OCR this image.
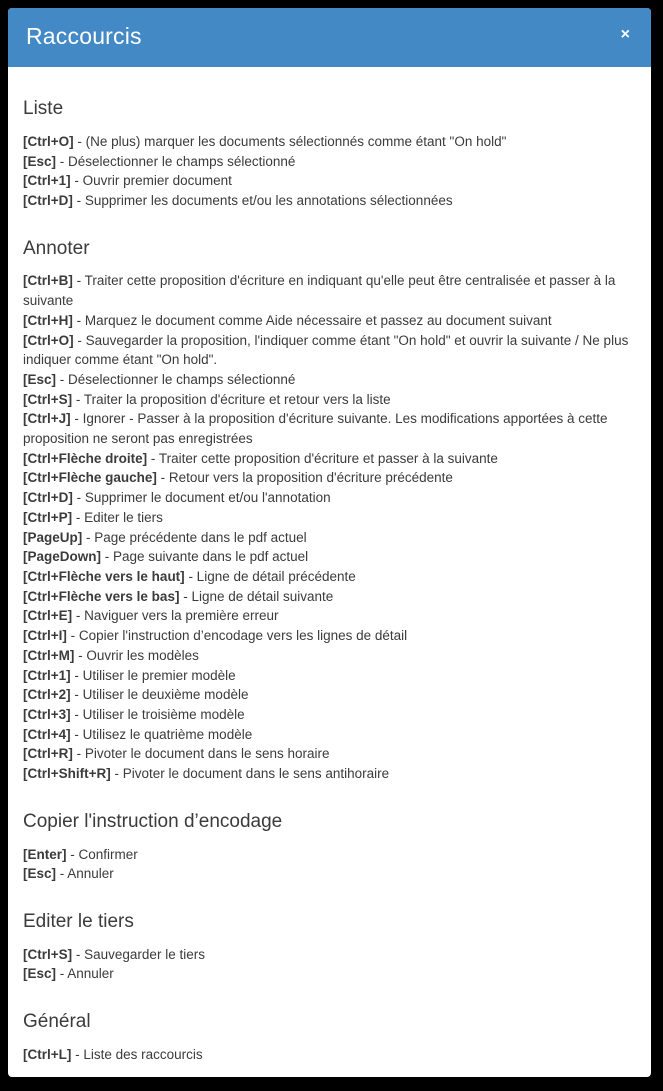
Raccourcis	×
Liste
[Ctrl+O] - (Ne plus) marquer les documents sélectionnés comme étant "On hold"
[Esc] - Déselectionner le champs sélectionné
[Ctrl+1] - Ouvrir premier document
[Ctrl+D] - Supprimer les documents et/ou les annotations sélectionnées
Annoter
[Ctrl+B] - Traiter cette proposition d'écriture en indiquant qu'elle peut être centralisée et passer à la suivante
[Ctrl+H] - Marquez le document comme Aide nécessaire et passez au document suivant
[Ctrl+O] - Sauvegarder la proposition, l'indiquer comme étant "On hold" et ouvrir la suivante / Ne plus indiquer comme étant "On hold".
[Esc] - Déselectionner le champs sélectionné
[Ctrl+S] - Traiter la proposition d'écriture et retour vers la liste
[Ctrl+J] - Ignorer - Passer à la proposition d'écriture suivante. Les modifications apportées à cette proposition ne seront pas enregistrées
[Ctrl+Flèche droite] - Traiter cette proposition d'écriture et passer à la suivante
[Ctrl+Flèche gauche] - Retour vers la proposition d'écriture précédente
[Ctrl+D] - Supprimer le document et/ou l'annotation
[Ctrl+P] - Editer le tiers
[PageUp] - Page précédente dans le pdf actuel
[PageDown] - Page suivante dans le pdf actuel
[Ctrl+Flèche vers le haut] - Ligne de détail précédente
[Ctrl+Flèche vers le bas] - Ligne de détail suivante
[Ctrl+E] - Naviguer vers la première erreur
[Ctrl+I] - Copier l'instruction d’encodage vers les lignes de détail
[Ctrl+M] - Ouvrir les modèles
[Ctrl+1] - Utiliser le premier modèle
[Ctrl+2] - Utiliser le deuxième modèle
[Ctrl+3] - Utiliser le troisième modèle
[Ctrl+4] - Utilisez le quatrième modèle
[Ctrl+R] - Pivoter le document dans le sens horaire
[Ctrl+Shift+R] - Pivoter le document dans le sens antihoraire
Copier l'instruction d’encodage
[Enter] - Confirmer
[Esc] - Annuler
Editer le tiers
[Ctrl+S] - Sauvegarder le tiers
[Esc] - Annuler
Général
[Ctrl+L] - Liste des raccourcis
